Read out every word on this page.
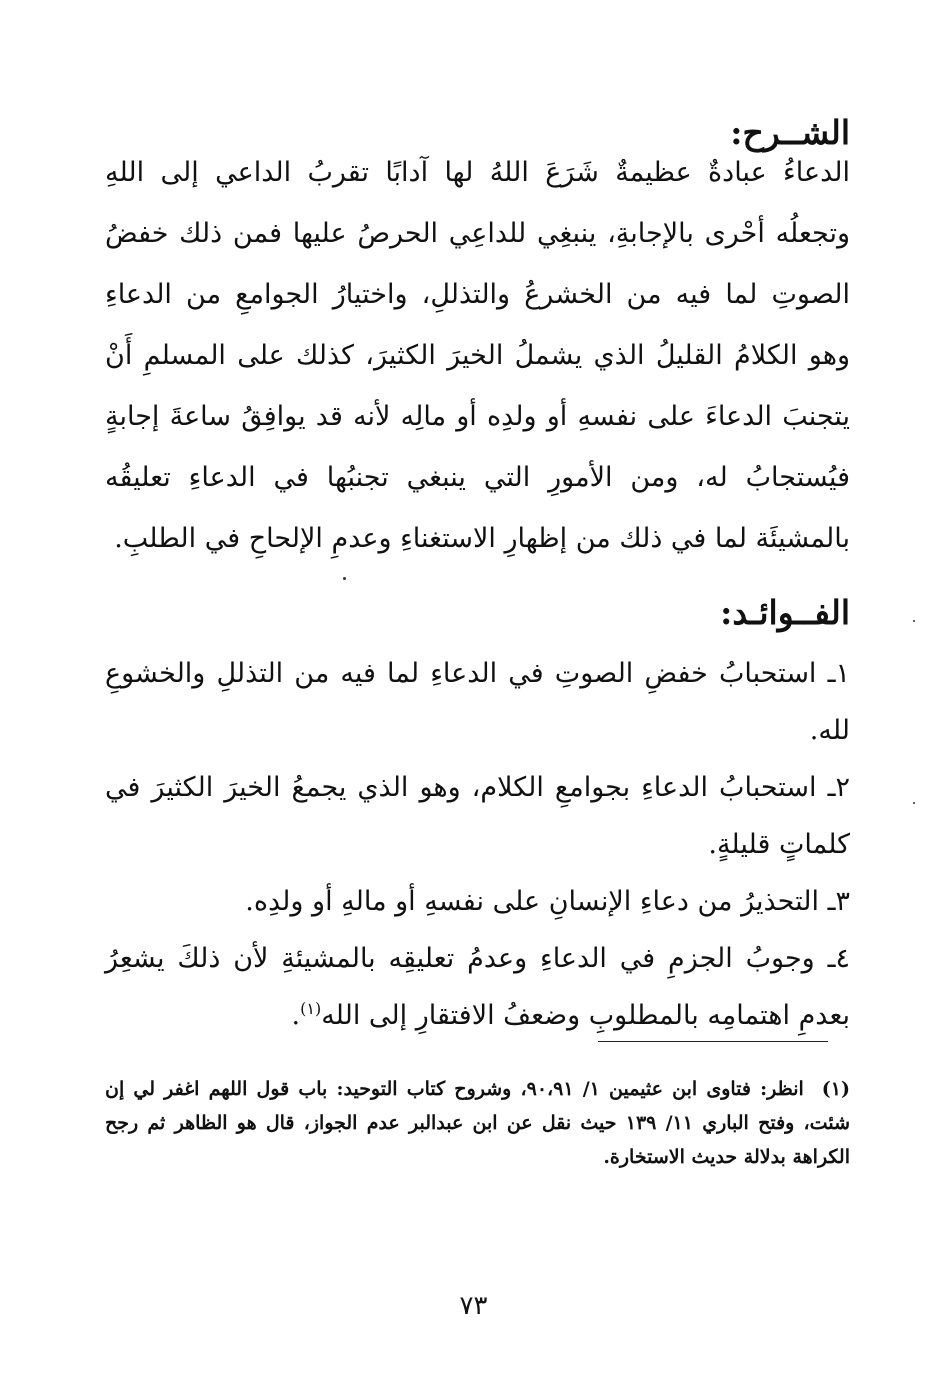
الشــرح:

الدعاءُ عبادةٌ عظيمةٌ شَرَعَ اللهُ لها آدابًا تقربُ الداعي إلى اللهِ وتجعلُه أحْرى بالإجابةِ، ينبغِي للداعِي الحرصُ عليها فمن ذلك خفضُ الصوتِ لما فيه من الخشرعُ والتذللِ، واختيارُ الجوامعِ من الدعاءِ وهو الكلامُ القليلُ الذي يشملُ الخيرَ الكثيرَ، كذلك على المسلمِ أَنْ يتجنبَ الدعاءَ على نفسهِ أو ولدِه أو مالِه لأنه قد يوافِقُ ساعةَ إجابةٍ فيُستجابُ له، ومن الأمورِ التي ينبغي تجنبُها في الدعاءِ تعليقُه بالمشيئَة لما في ذلك من إظهارِ الاستغناءِ وعدمِ الإلحاحِ في الطلبِ.

الفــوائـد:
١ـ استحبابُ خفضِ الصوتِ في الدعاءِ لما فيه من التذللِ والخشوعِ لله.
٢ـ استحبابُ الدعاءِ بجوامعِ الكلام، وهو الذي يجمعُ الخيرَ الكثيرَ في كلماتٍ قليلةٍ.
٣ـ التحذيرُ من دعاءِ الإنسانِ على نفسهِ أو مالهِ أو ولدِه.
٤ـ وجوبُ الجزمِ في الدعاءِ وعدمُ تعليقِه بالمشيئةِ لأن ذلكَ يشعِرُ بعدمِ اهتمامِه بالمطلوبِ وضعفُ الافتقارِ إلى الله$^{(١)}$.
(١)انظر: فتاوى ابن عثيمين ١/ ٩٠،٩١، وشروح كتاب التوحيد: باب قول اللهم اغفر لي إن شئت، وفتح الباري ١١/ ١٣٩ حيث نقل عن ابن عبدالبر عدم الجواز، قال هو الظاهر ثم رجح الكراهة بدلالة حديث الاستخارة.
٧٣
